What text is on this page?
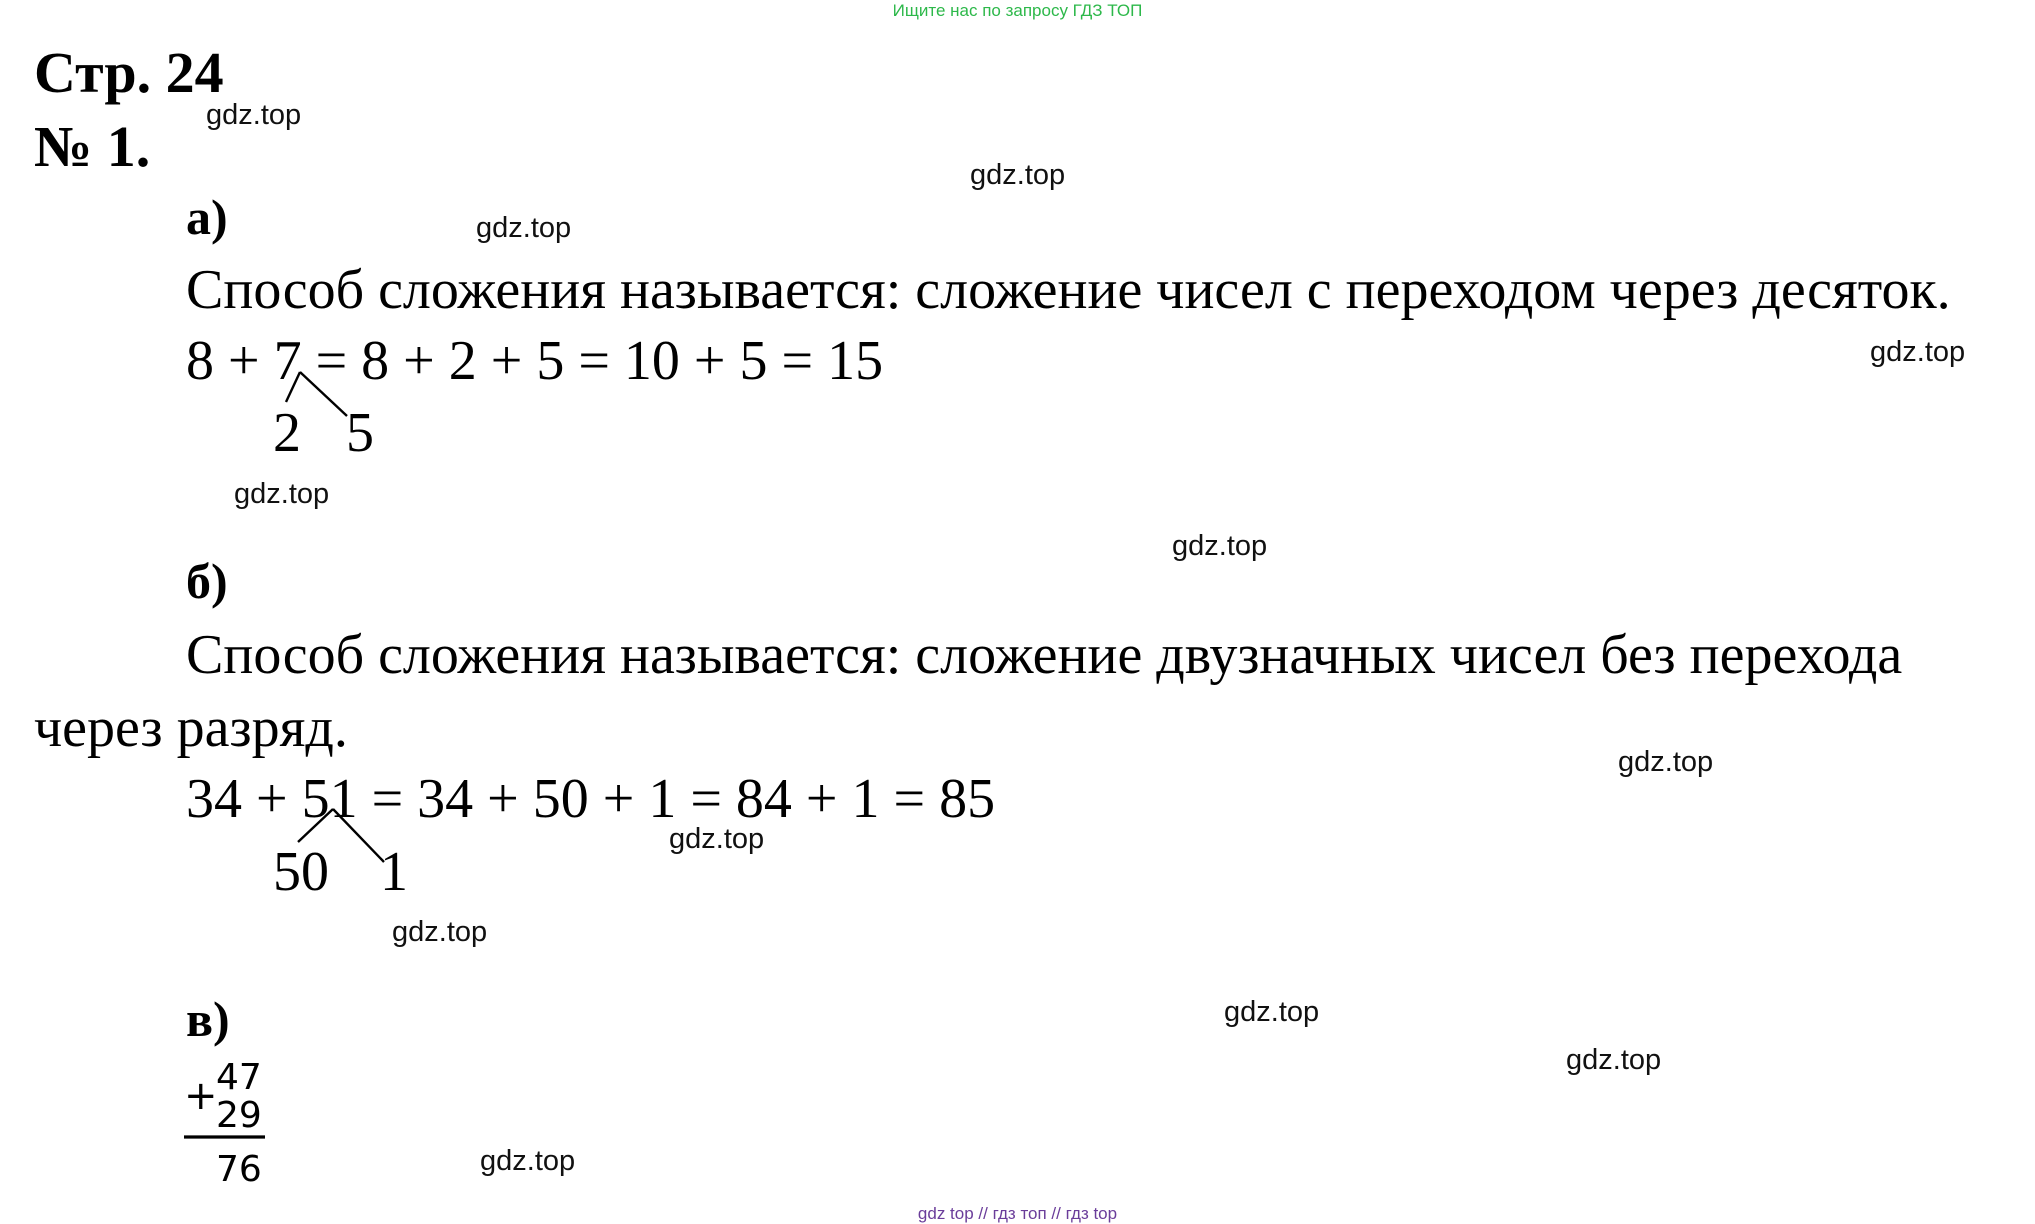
Ищите нас по запросу ГДЗ ТОП
Стр. 24
№ 1.
а)
Способ сложения называется: сложение чисел с переходом через десяток.
8 + 7 = 8 + 2 + 5 = 10 + 5 = 15
2 5
б)
Способ сложения называется: сложение двузначных чисел без перехода
через разряд.
34 + 51 = 34 + 50 + 1 = 84 + 1 = 85
50 1
в)
47
+
29
76
gdz.top
gdz.top
gdz.top
gdz.top
gdz.top
gdz.top
gdz.top
gdz.top
gdz.top
gdz.top
gdz.top
gdz.top
gdz top // гдз топ // гдз top
